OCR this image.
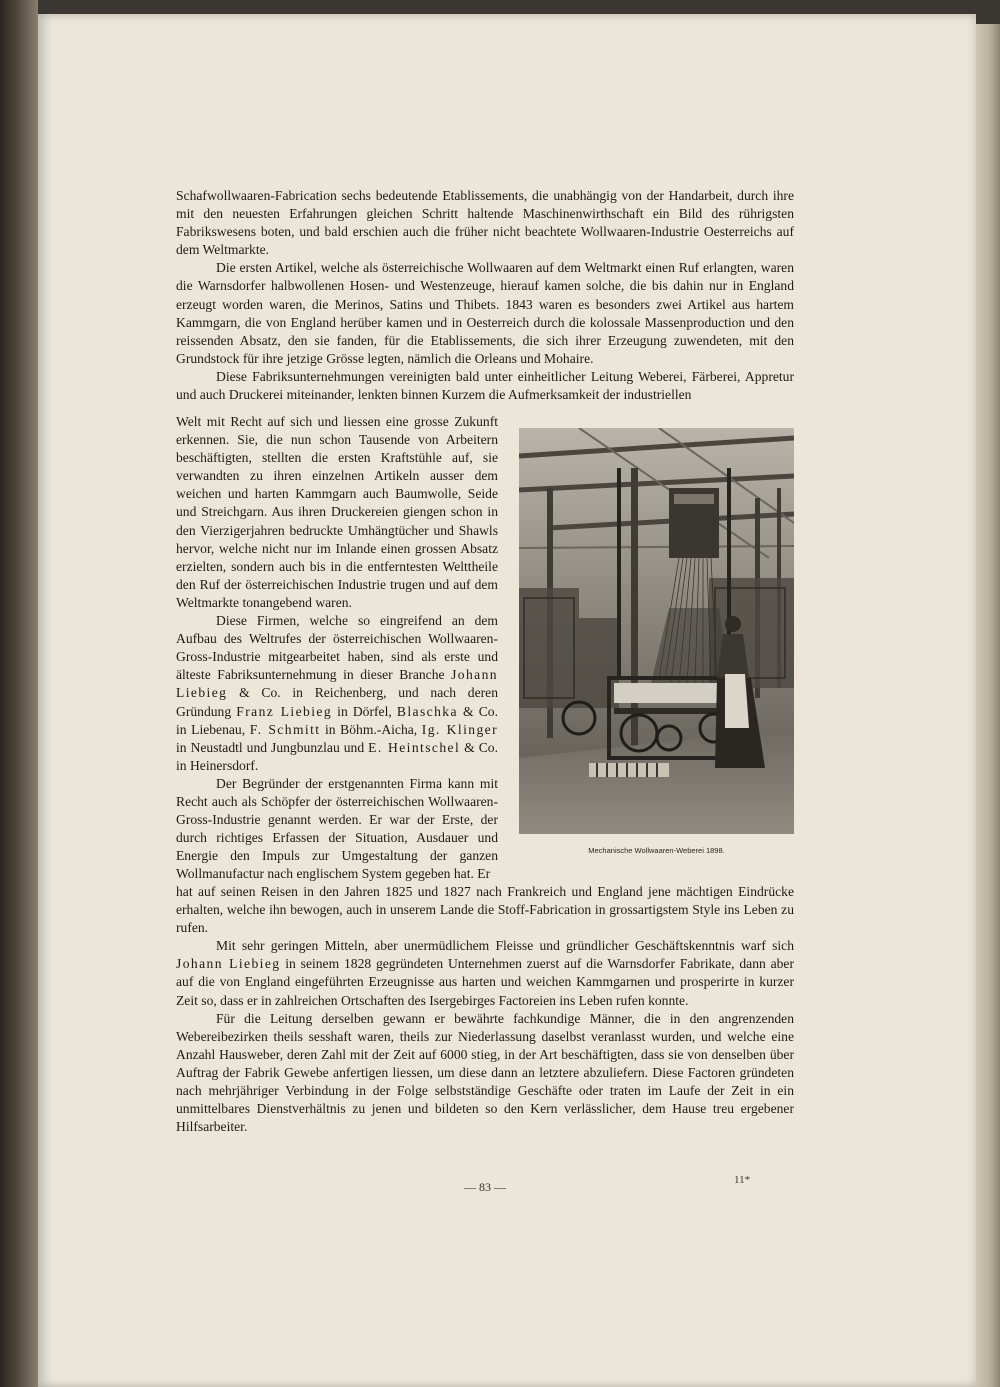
Schafwollwaaren-Fabrication sechs bedeutende Etablissements, die unabhängig von der Handarbeit, durch ihre mit den neuesten Erfahrungen gleichen Schritt haltende Maschinenwirthschaft ein Bild des rührigsten Fabrikswesens boten, und bald erschien auch die früher nicht beachtete Wollwaaren-Industrie Oesterreichs auf dem Weltmarkte.

Die ersten Artikel, welche als österreichische Wollwaaren auf dem Weltmarkt einen Ruf erlangten, waren die Warnsdorfer halbwollenen Hosen- und Westenzeuge, hierauf kamen solche, die bis dahin nur in England erzeugt worden waren, die Merinos, Satins und Thibets. 1843 waren es besonders zwei Artikel aus hartem Kammgarn, die von England herüber kamen und in Oesterreich durch die kolossale Massenproduction und den reissenden Absatz, den sie fanden, für die Etablissements, die sich ihrer Erzeugung zuwendeten, mit den Grundstock für ihre jetzige Grösse legten, nämlich die Orleans und Mohaire.

Diese Fabriksunternehmungen vereinigten bald unter einheitlicher Leitung Weberei, Färberei, Appretur und auch Druckerei miteinander, lenkten binnen Kurzem die Aufmerksamkeit der industriellen

Welt mit Recht auf sich und liessen eine grosse Zukunft erkennen. Sie, die nun schon Tausende von Arbeitern beschäftigten, stellten die ersten Kraftstühle auf, sie verwandten zu ihren einzelnen Artikeln ausser dem weichen und harten Kammgarn auch Baumwolle, Seide und Streichgarn. Aus ihren Druckereien giengen schon in den Vierzigerjahren bedruckte Umhängtücher und Shawls hervor, welche nicht nur im Inlande einen grossen Absatz erzielten, sondern auch bis in die entferntesten Welttheile den Ruf der österreichischen Industrie trugen und auf dem Weltmarkte tonangebend waren.

Diese Firmen, welche so eingreifend an dem Aufbau des Weltrufes der österreichischen Wollwaaren-Gross-Industrie mitgearbeitet haben, sind als erste und älteste Fabriksunternehmung in dieser Branche Johann Liebieg & Co. in Reichenberg, und nach deren Gründung Franz Liebieg in Dörfel, Blaschka & Co. in Liebenau, F. Schmitt in Böhm.-Aicha, Ig. Klinger in Neustadtl und Jungbunzlau und E. Heintschel & Co. in Heinersdorf.

Der Begründer der erstgenannten Firma kann mit Recht auch als Schöpfer der österreichischen Wollwaaren-Gross-Industrie genannt werden. Er war der Erste, der durch richtiges Erfassen der Situation, Ausdauer und Energie den Impuls zur Umgestaltung der ganzen Wollmanufactur nach englischem System gegeben hat. Er

Mechanische Wollwaaren-Weberei 1898.

hat auf seinen Reisen in den Jahren 1825 und 1827 nach Frankreich und England jene mächtigen Eindrücke erhalten, welche ihn bewogen, auch in unserem Lande die Stoff-Fabrication in grossartigstem Style ins Leben zu rufen.

Mit sehr geringen Mitteln, aber unermüdlichem Fleisse und gründlicher Geschäftskenntnis warf sich Johann Liebieg in seinem 1828 gegründeten Unternehmen zuerst auf die Warnsdorfer Fabrikate, dann aber auf die von England eingeführten Erzeugnisse aus harten und weichen Kammgarnen und prosperirte in kurzer Zeit so, dass er in zahlreichen Ortschaften des Isergebirges Factoreien ins Leben rufen konnte.

Für die Leitung derselben gewann er bewährte fachkundige Männer, die in den angrenzenden Webereibezirken theils sesshaft waren, theils zur Niederlassung daselbst veranlasst wurden, und welche eine Anzahl Hausweber, deren Zahl mit der Zeit auf 6000 stieg, in der Art beschäftigten, dass sie von denselben über Auftrag der Fabrik Gewebe anfertigen liessen, um diese dann an letztere abzuliefern. Diese Factoren gründeten nach mehrjähriger Verbindung in der Folge selbstständige Geschäfte oder traten im Laufe der Zeit in ein unmittelbares Dienstverhältnis zu jenen und bildeten so den Kern verlässlicher, dem Hause treu ergebener Hilfsarbeiter.

— 83 —	11*
